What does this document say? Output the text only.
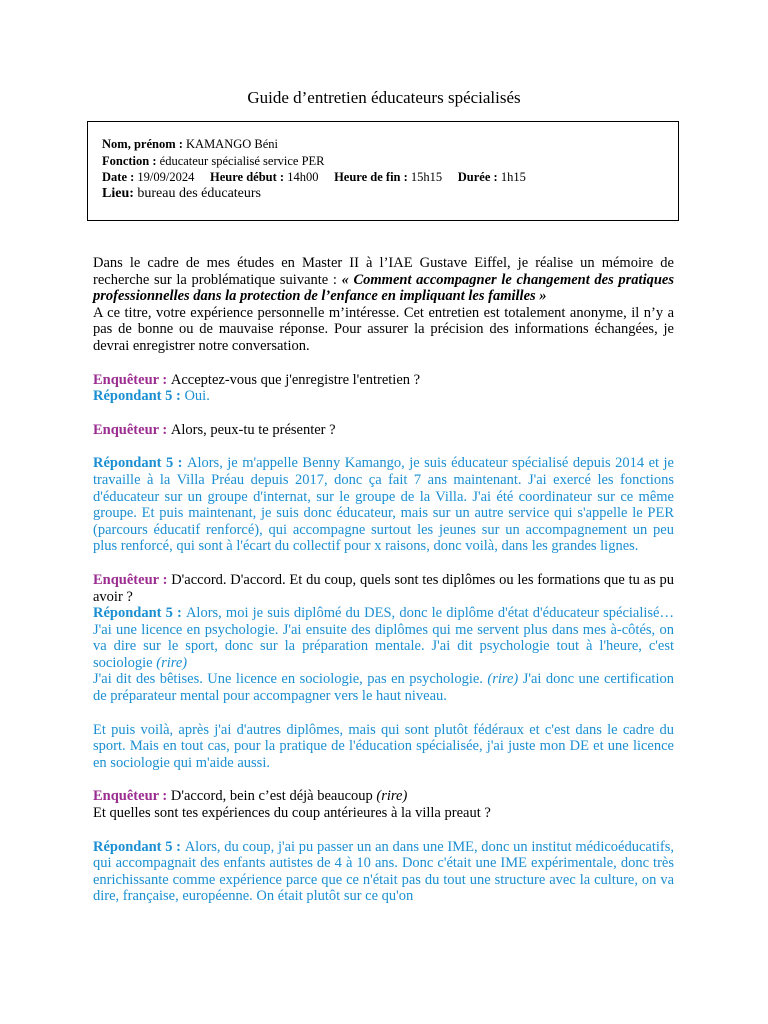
Guide d’entretien éducateurs spécialisés
Nom, prénom : KAMANGO Béni
Fonction : éducateur spécialisé service PER
Date : 19/09/2024 Heure début : 14h00 Heure de fin : 15h15 Durée : 1h15
Lieu: bureau des éducateurs

Dans le cadre de mes études en Master II à l’IAE Gustave Eiffel, je réalise un mémoire de recherche sur la problématique suivante : « Comment accompagner le changement des pratiques professionnelles dans la protection de l’enfance en impliquant les familles »

A ce titre, votre expérience personnelle m’intéresse. Cet entretien est totalement anonyme, il n’y a pas de bonne ou de mauvaise réponse. Pour assurer la précision des informations échangées, je devrai enregistrer notre conversation.

Enquêteur : Acceptez-vous que j'enregistre l'entretien ?

Répondant 5 : Oui.

Enquêteur : Alors, peux-tu te présenter ?

Répondant 5 : Alors, je m'appelle Benny Kamango, je suis éducateur spécialisé depuis 2014 et je travaille à la Villa Préau depuis 2017, donc ça fait 7 ans maintenant. J'ai exercé les fonctions d'éducateur sur un groupe d'internat, sur le groupe de la Villa. J'ai été coordinateur sur ce même groupe. Et puis maintenant, je suis donc éducateur, mais sur un autre service qui s'appelle le PER (parcours éducatif renforcé), qui accompagne surtout les jeunes sur un accompagnement un peu plus renforcé, qui sont à l'écart du collectif pour x raisons, donc voilà, dans les grandes lignes.

Enquêteur : D'accord. D'accord. Et du coup, quels sont tes diplômes ou les formations que tu as pu avoir ?

Répondant 5 : Alors, moi je suis diplômé du DES, donc le diplôme d'état d'éducateur spécialisé… J'ai une licence en psychologie. J'ai ensuite des diplômes qui me servent plus dans mes à-côtés, on va dire sur le sport, donc sur la préparation mentale. J'ai dit psychologie tout à l'heure, c'est sociologie (rire)

J'ai dit des bêtises. Une licence en sociologie, pas en psychologie. (rire) J'ai donc une certification de préparateur mental pour accompagner vers le haut niveau.

Et puis voilà, après j'ai d'autres diplômes, mais qui sont plutôt fédéraux et c'est dans le cadre du sport. Mais en tout cas, pour la pratique de l'éducation spécialisée, j'ai juste mon DE et une licence en sociologie qui m'aide aussi.

Enquêteur : D'accord, bein c’est déjà beaucoup (rire)

Et quelles sont tes expériences du coup antérieures à la villa preaut ?

Répondant 5 : Alors, du coup, j'ai pu passer un an dans une IME, donc un institut médicoéducatifs, qui accompagnait des enfants autistes de 4 à 10 ans. Donc c'était une IME expérimentale, donc très enrichissante comme expérience parce que ce n'était pas du tout une structure avec la culture, on va dire, française, européenne. On était plutôt sur ce qu'on
